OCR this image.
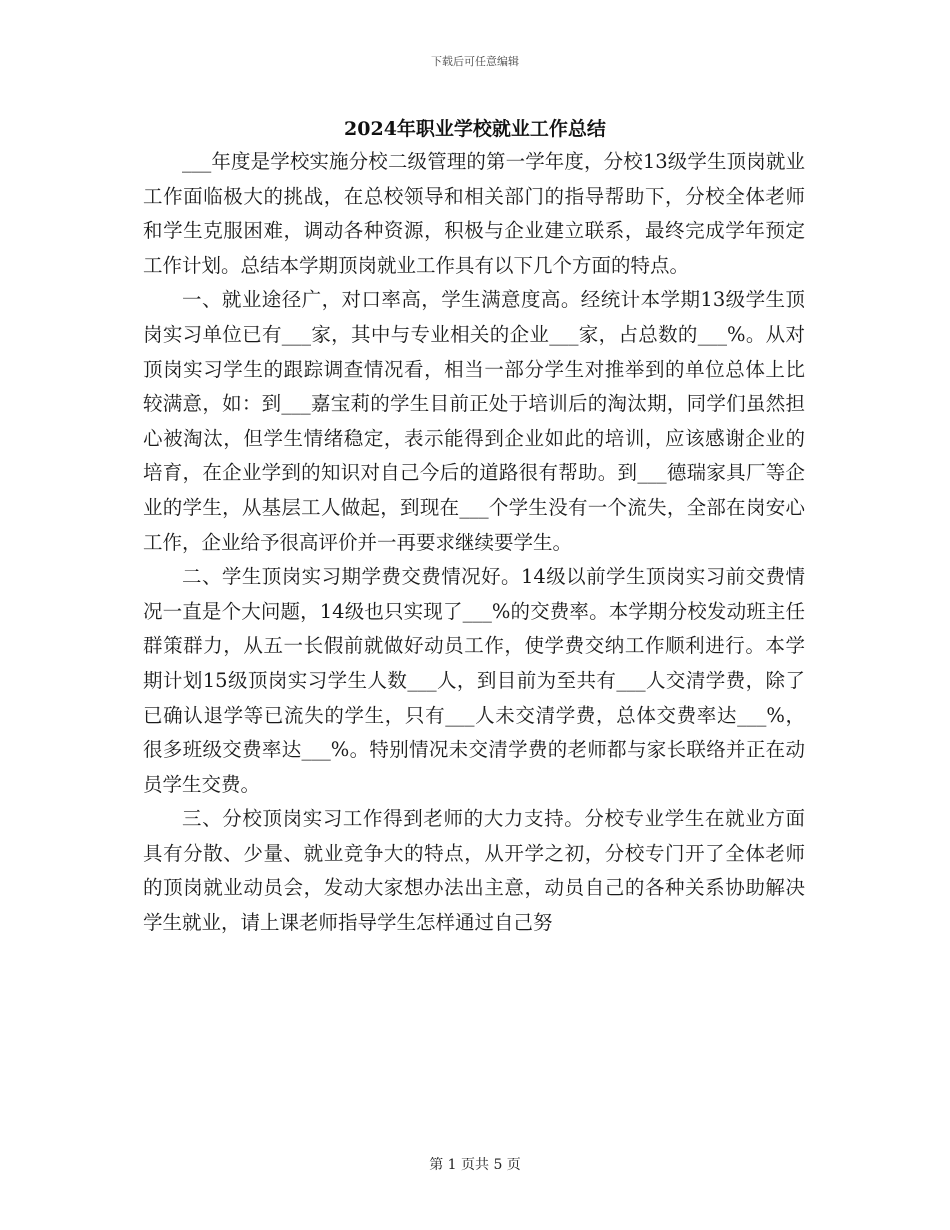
下载后可任意编辑
2024年职业学校就业工作总结

___年度是学校实施分校二级管理的第一学年度，分校13级学生顶岗就业工作面临极大的挑战，在总校领导和相关部门的指导帮助下，分校全体老师和学生克服困难，调动各种资源，积极与企业建立联系，最终完成学年预定工作计划。总结本学期顶岗就业工作具有以下几个方面的特点。

一、就业途径广，对口率高，学生满意度高。经统计本学期13级学生顶岗实习单位已有___家，其中与专业相关的企业___家，占总数的___%。从对顶岗实习学生的跟踪调查情况看，相当一部分学生对推举到的单位总体上比较满意，如：到___嘉宝莉的学生目前正处于培训后的淘汰期，同学们虽然担心被淘汰，但学生情绪稳定，表示能得到企业如此的培训，应该感谢企业的培育，在企业学到的知识对自己今后的道路很有帮助。到___德瑞家具厂等企业的学生，从基层工人做起，到现在___个学生没有一个流失，全部在岗安心工作，企业给予很高评价并一再要求继续要学生。

二、学生顶岗实习期学费交费情况好。14级以前学生顶岗实习前交费情况一直是个大问题，14级也只实现了___%的交费率。本学期分校发动班主任群策群力，从五一长假前就做好动员工作，使学费交纳工作顺利进行。本学期计划15级顶岗实习学生人数___人，到目前为至共有___人交清学费，除了已确认退学等已流失的学生，只有___人未交清学费，总体交费率达___%，很多班级交费率达___%。特别情况未交清学费的老师都与家长联络并正在动员学生交费。

三、分校顶岗实习工作得到老师的大力支持。分校专业学生在就业方面具有分散、少量、就业竞争大的特点，从开学之初，分校专门开了全体老师的顶岗就业动员会，发动大家想办法出主意，动员自己的各种关系协助解决学生就业，请上课老师指导学生怎样通过自己努

第 1 页共 5 页
